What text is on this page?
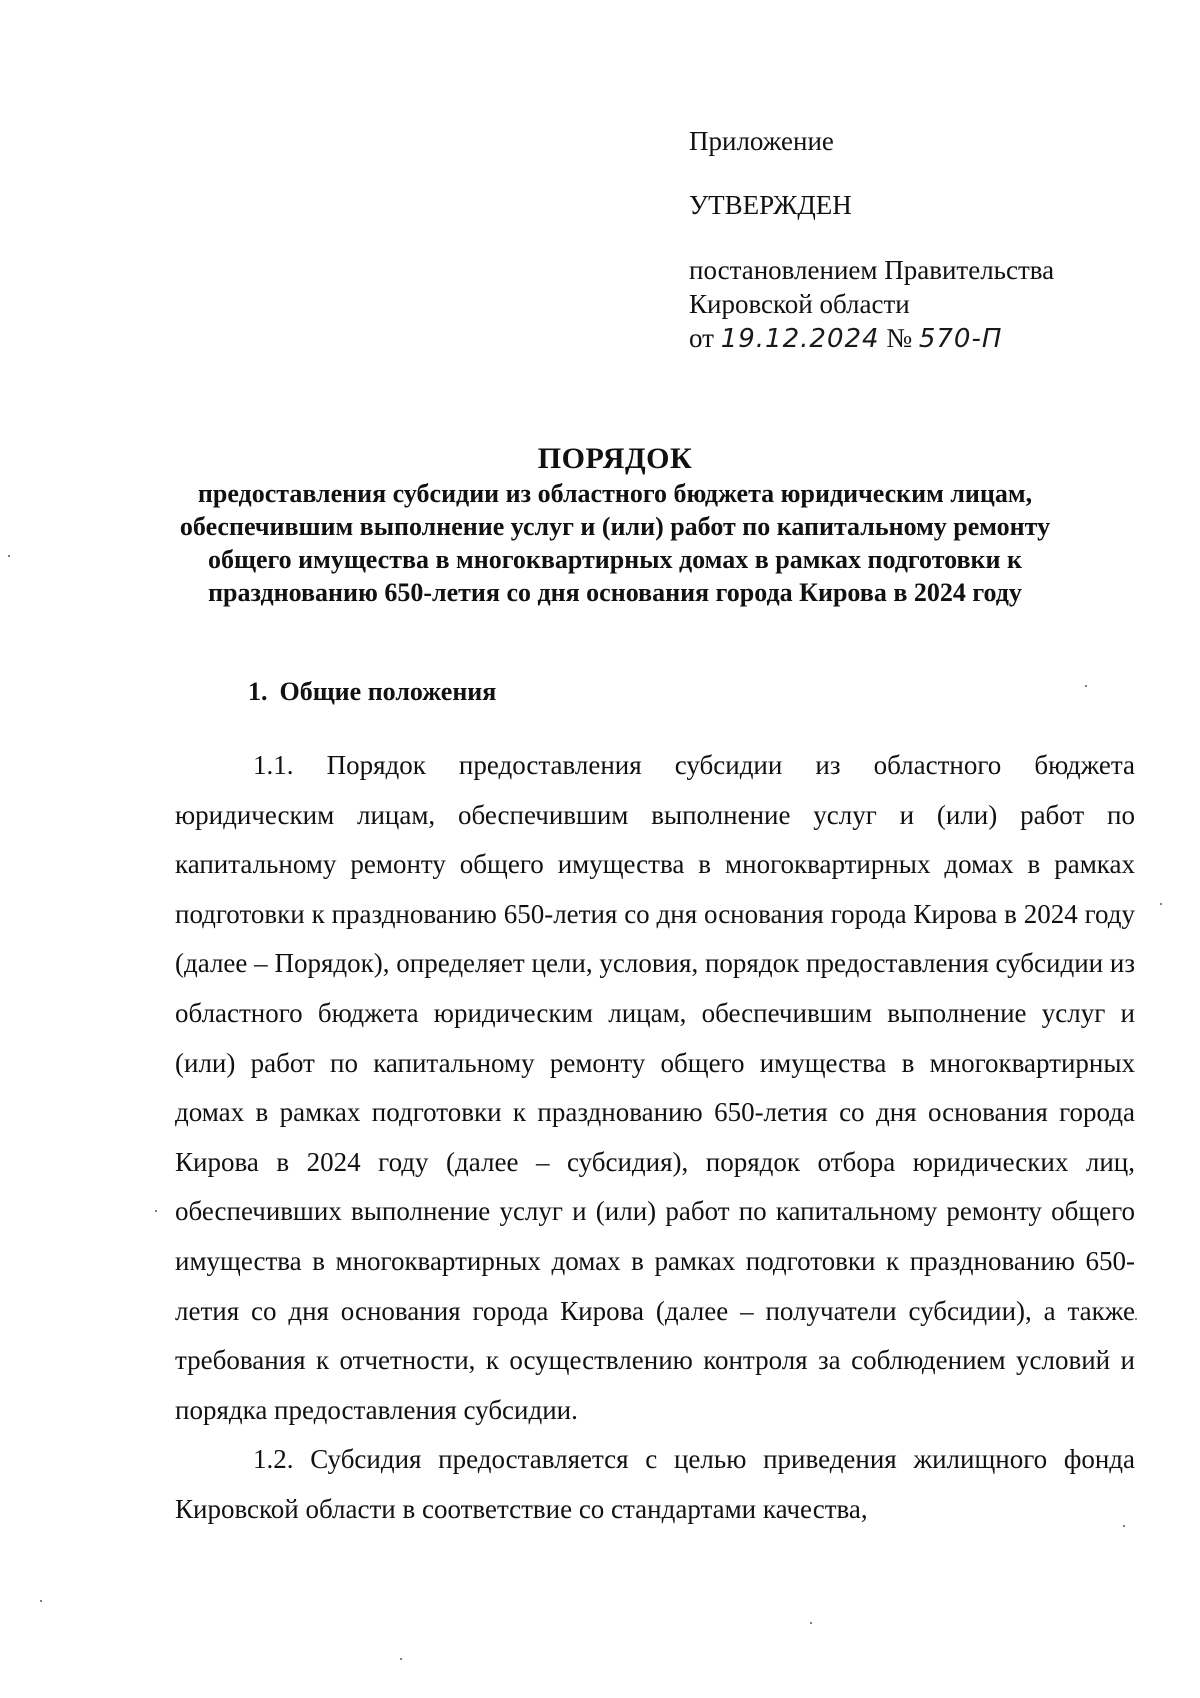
Приложение
УТВЕРЖДЕН
постановлением Правительства
Кировской области
от 19.12.2024 № 570-П
ПОРЯДОК
предоставления субсидии из областного бюджета юридическим лицам, обеспечившим выполнение услуг и (или) работ по капитальному ремонту общего имущества в многоквартирных домах в рамках подготовки к празднованию 650-летия со дня основания города Кирова в 2024 году
1. Общие положения

1.1. Порядок предоставления субсидии из областного бюджета юридическим лицам, обеспечившим выполнение услуг и (или) работ по капитальному ремонту общего имущества в многоквартирных домах в рамках подготовки к празднованию 650-летия со дня основания города Кирова в 2024 году (далее – Порядок), определяет цели, условия, порядок предоставления субсидии из областного бюджета юридическим лицам, обеспечившим выполнение услуг и (или) работ по капитальному ремонту общего имущества в многоквартирных домах в рамках подготовки к празднованию 650-летия со дня основания города Кирова в 2024 году (далее – субсидия), порядок отбора юридических лиц, обеспечивших выполнение услуг и (или) работ по капитальному ремонту общего имущества в многоквартирных домах в рамках подготовки к празднованию 650-летия со дня основания города Кирова (далее – получатели субсидии), а также требования к отчетности, к осуществлению контроля за соблюдением условий и порядка предоставления субсидии.

1.2. Субсидия предоставляется с целью приведения жилищного фонда Кировской области в соответствие со стандартами качества,
